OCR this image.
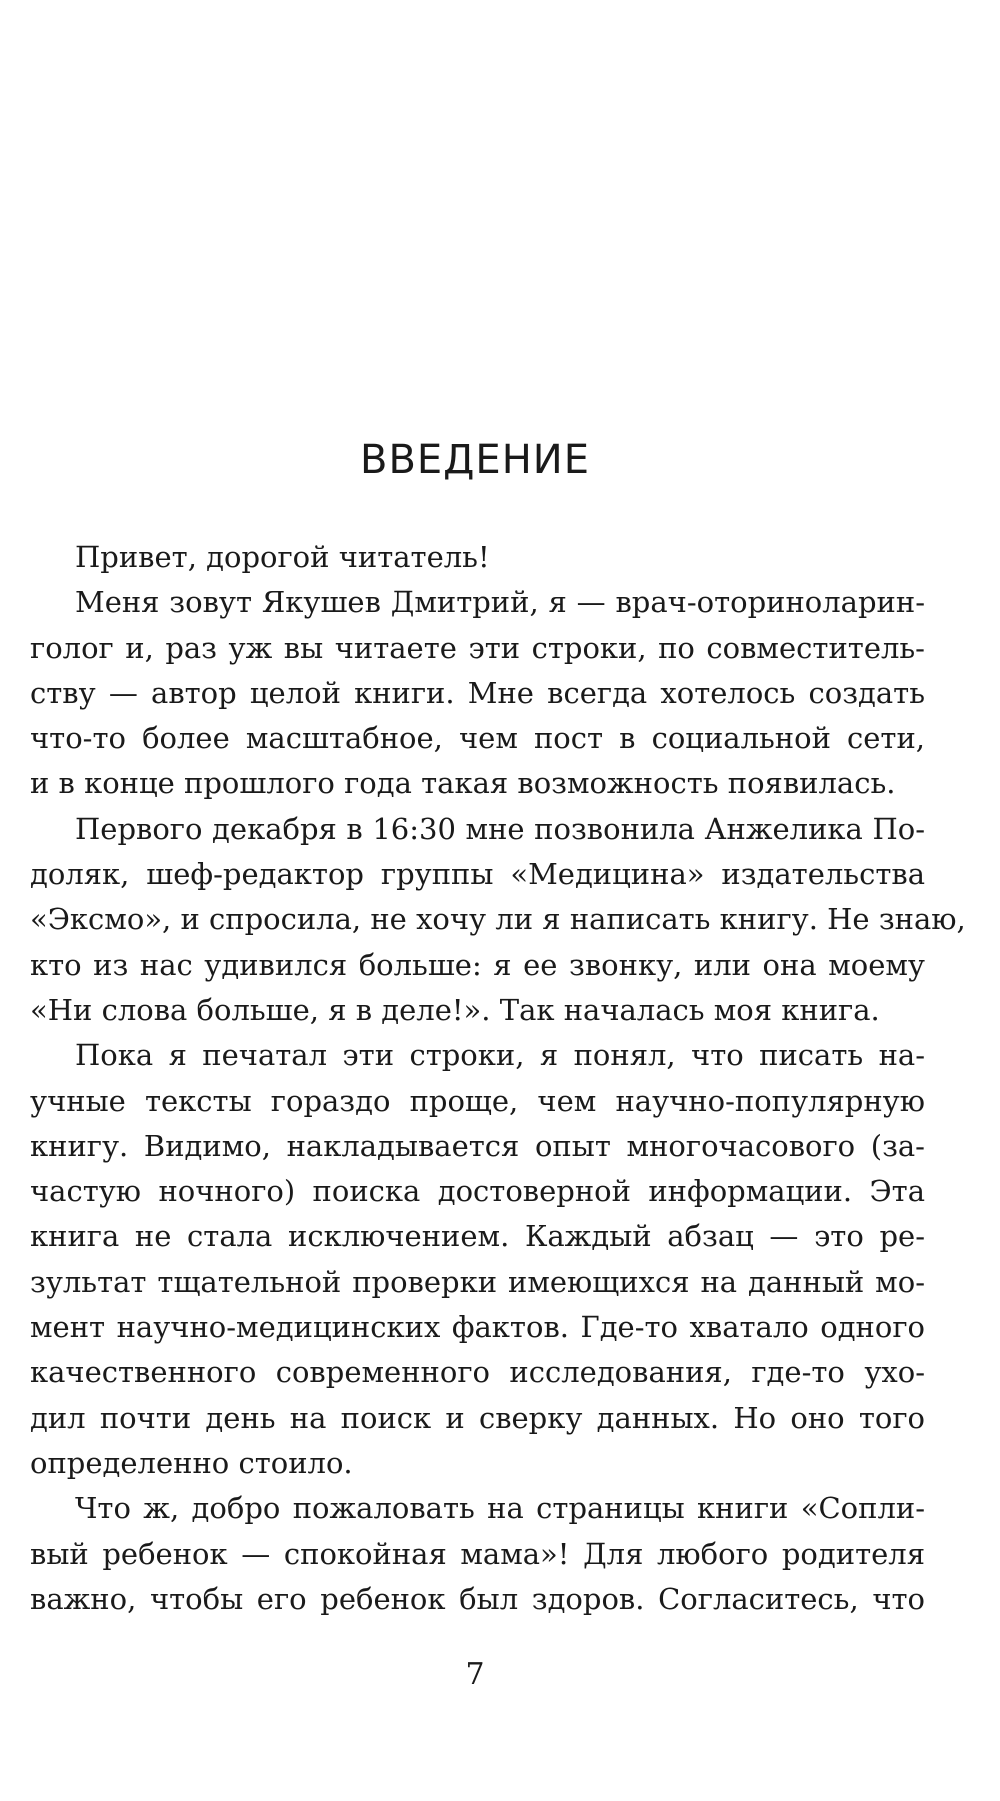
ВВЕДЕНИЕ
Привет, дорогой читатель!
Меня зовут Якушев Дмитрий, я — врач-оториноларин-
голог и, раз уж вы читаете эти строки, по совместитель-
ству — автор целой книги. Мне всегда хотелось создать
что-то более масштабное, чем пост в социальной сети,
и в конце прошлого года такая возможность появилась.
Первого декабря в 16:30 мне позвонила Анжелика По-
доляк, шеф-редактор группы «Медицина» издательства
«Эксмо», и спросила, не хочу ли я написать книгу. Не знаю,
кто из нас удивился больше: я ее звонку, или она моему
«Ни слова больше, я в деле!». Так началась моя книга.
Пока я печатал эти строки, я понял, что писать на-
учные тексты гораздо проще, чем научно-популярную
книгу. Видимо, накладывается опыт многочасового (за-
частую ночного) поиска достоверной информации. Эта
книга не стала исключением. Каждый абзац — это ре-
зультат тщательной проверки имеющихся на данный мо-
мент научно-медицинских фактов. Где-то хватало одного
качественного современного исследования, где-то ухо-
дил почти день на поиск и сверку данных. Но оно того
определенно стоило.
Что ж, добро пожаловать на страницы книги «Сопли-
вый ребенок — спокойная мама»! Для любого родителя
важно, чтобы его ребенок был здоров. Согласитесь, что
7
